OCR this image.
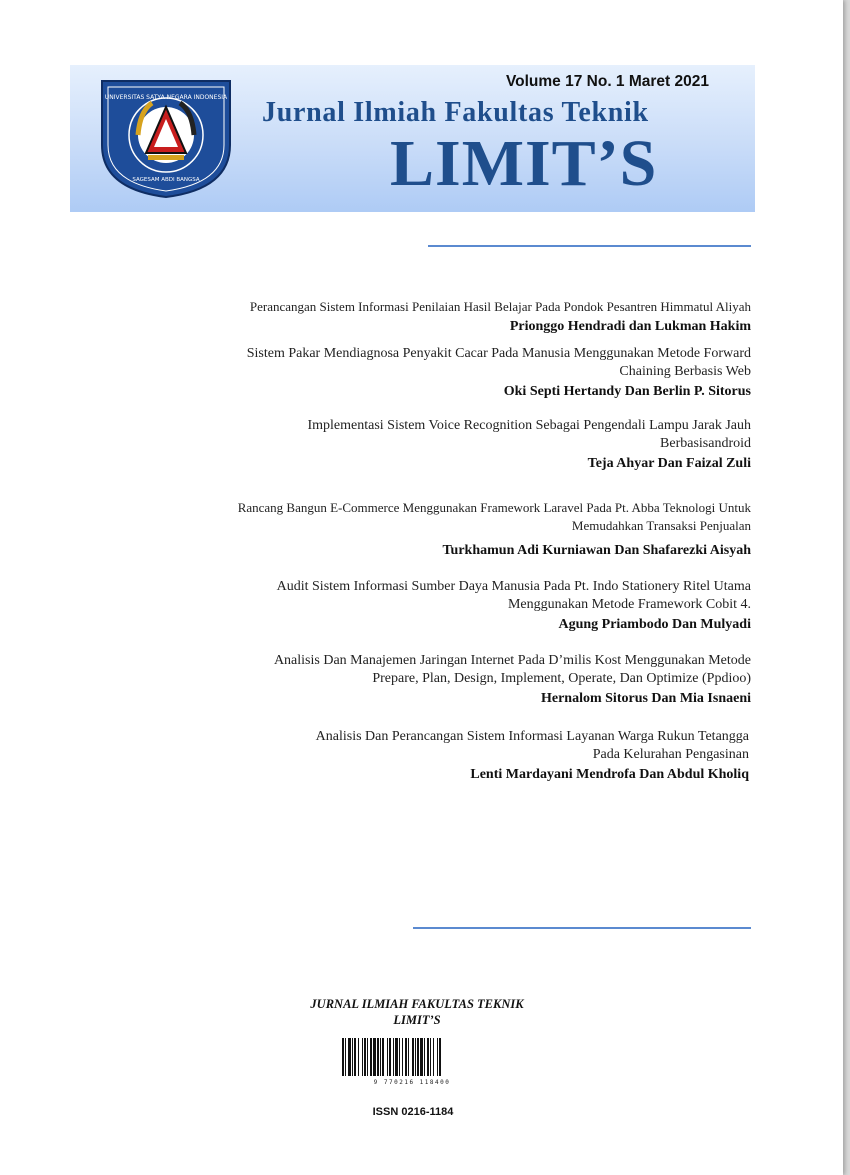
UNIVERSITAS SATYA NEGARA INDONESIA
SAGESAM ABDI BANGSA
Volume 17 No. 1 Maret 2021
Jurnal Ilmiah Fakultas Teknik
LIMIT’S
Perancangan Sistem Informasi Penilaian Hasil Belajar Pada Pondok Pesantren Himmatul Aliyah
Prionggo Hendradi dan Lukman Hakim
Sistem Pakar Mendiagnosa Penyakit Cacar Pada Manusia Menggunakan Metode Forward
Chaining Berbasis Web
Oki Septi Hertandy Dan Berlin P. Sitorus
Implementasi Sistem Voice Recognition Sebagai Pengendali Lampu Jarak Jauh
Berbasisandroid
Teja Ahyar Dan Faizal Zuli
Rancang Bangun E-Commerce Menggunakan Framework Laravel Pada Pt. Abba Teknologi Untuk
Memudahkan Transaksi Penjualan
Turkhamun Adi Kurniawan Dan Shafarezki Aisyah
Audit Sistem Informasi Sumber Daya Manusia Pada Pt. Indo Stationery Ritel Utama
Menggunakan Metode Framework Cobit 4.
Agung Priambodo Dan Mulyadi
Analisis Dan Manajemen Jaringan Internet Pada D’milis Kost Menggunakan Metode
Prepare, Plan, Design, Implement, Operate, Dan Optimize (Ppdioo)
Hernalom Sitorus Dan Mia Isnaeni
Analisis Dan Perancangan Sistem Informasi Layanan Warga Rukun Tetangga
Pada Kelurahan Pengasinan
Lenti Mardayani Mendrofa Dan Abdul Kholiq
JURNAL ILMIAH FAKULTAS TEKNIK
LIMIT’S
9 770216 118400
ISSN 0216-1184
